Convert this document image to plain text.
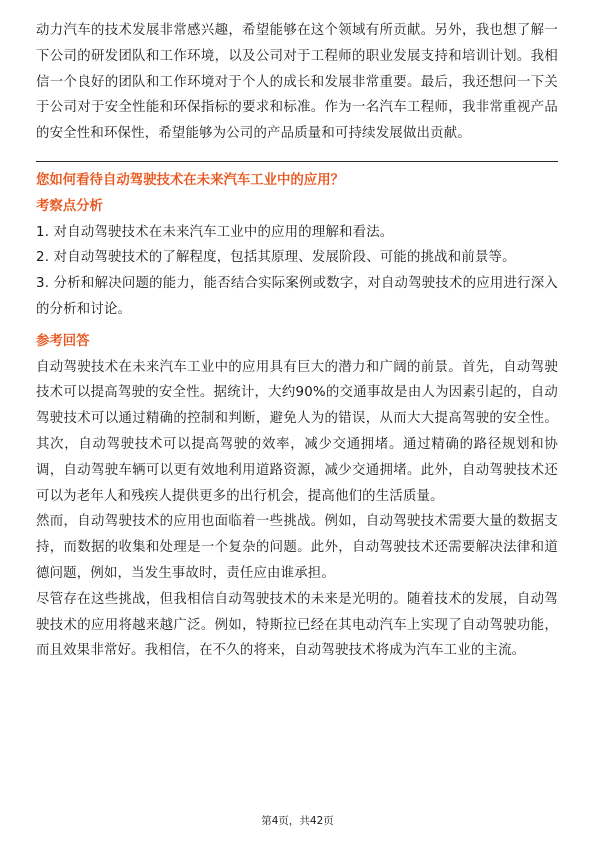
动力汽车的技术发展非常感兴趣，希望能够在这个领域有所贡献。另外，我也想了解一下公司的研发团队和工作环境，以及公司对于工程师的职业发展支持和培训计划。我相信一个良好的团队和工作环境对于个人的成长和发展非常重要。最后，我还想问一下关于公司对于安全性能和环保指标的要求和标准。作为一名汽车工程师，我非常重视产品的安全性和环保性，希望能够为公司的产品质量和可持续发展做出贡献。

您如何看待自动驾驶技术在未来汽车工业中的应用？

考察点分析

1. 对自动驾驶技术在未来汽车工业中的应用的理解和看法。

2. 对自动驾驶技术的了解程度，包括其原理、发展阶段、可能的挑战和前景等。

3. 分析和解决问题的能力，能否结合实际案例或数字，对自动驾驶技术的应用进行深入的分析和讨论。

参考回答

自动驾驶技术在未来汽车工业中的应用具有巨大的潜力和广阔的前景。首先，自动驾驶技术可以提高驾驶的安全性。据统计，大约90%的交通事故是由人为因素引起的，自动驾驶技术可以通过精确的控制和判断，避免人为的错误，从而大大提高驾驶的安全性。其次，自动驾驶技术可以提高驾驶的效率，减少交通拥堵。通过精确的路径规划和协调，自动驾驶车辆可以更有效地利用道路资源，减少交通拥堵。此外，自动驾驶技术还可以为老年人和残疾人提供更多的出行机会，提高他们的生活质量。

然而，自动驾驶技术的应用也面临着一些挑战。例如，自动驾驶技术需要大量的数据支持，而数据的收集和处理是一个复杂的问题。此外，自动驾驶技术还需要解决法律和道德问题，例如，当发生事故时，责任应由谁承担。

尽管存在这些挑战，但我相信自动驾驶技术的未来是光明的。随着技术的发展，自动驾驶技术的应用将越来越广泛。例如，特斯拉已经在其电动汽车上实现了自动驾驶功能，而且效果非常好。我相信，在不久的将来，自动驾驶技术将成为汽车工业的主流。

第4页，共42页
